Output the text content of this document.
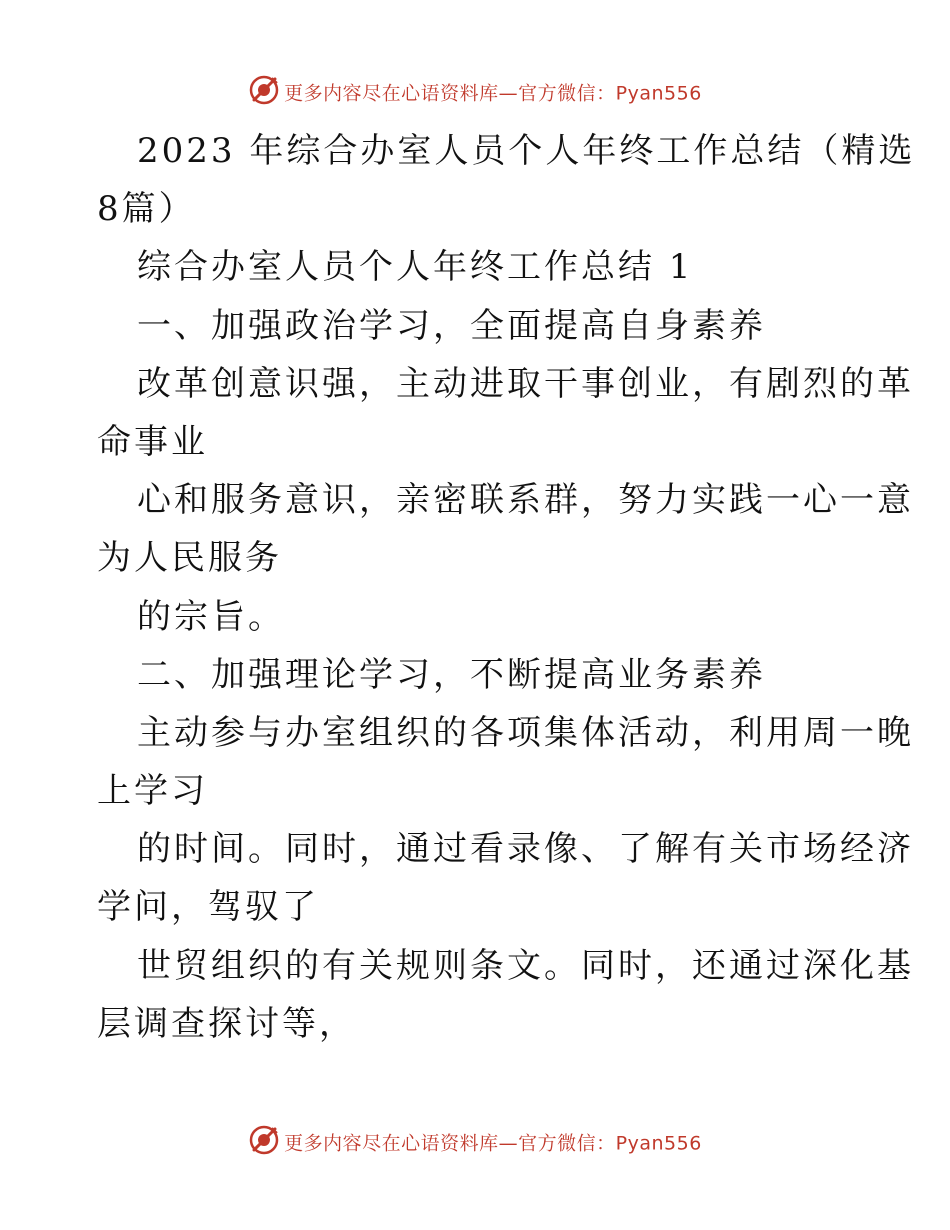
更多内容尽在心语资料库—官方微信：Pyan556
2023 年综合办室人员个人年终工作总结（精选
8篇）
综合办室人员个人年终工作总结 1
一、加强政治学习，全面提高自身素养
改革创意识强，主动进取干事创业，有剧烈的革
命事业
心和服务意识，亲密联系群，努力实践一心一意
为人民服务
的宗旨。
二、加强理论学习，不断提高业务素养
主动参与办室组织的各项集体活动，利用周一晚
上学习
的时间。同时，通过看录像、了解有关市场经济
学问，驾驭了
世贸组织的有关规则条文。同时，还通过深化基
层调查探讨等，
更多内容尽在心语资料库—官方微信：Pyan556
